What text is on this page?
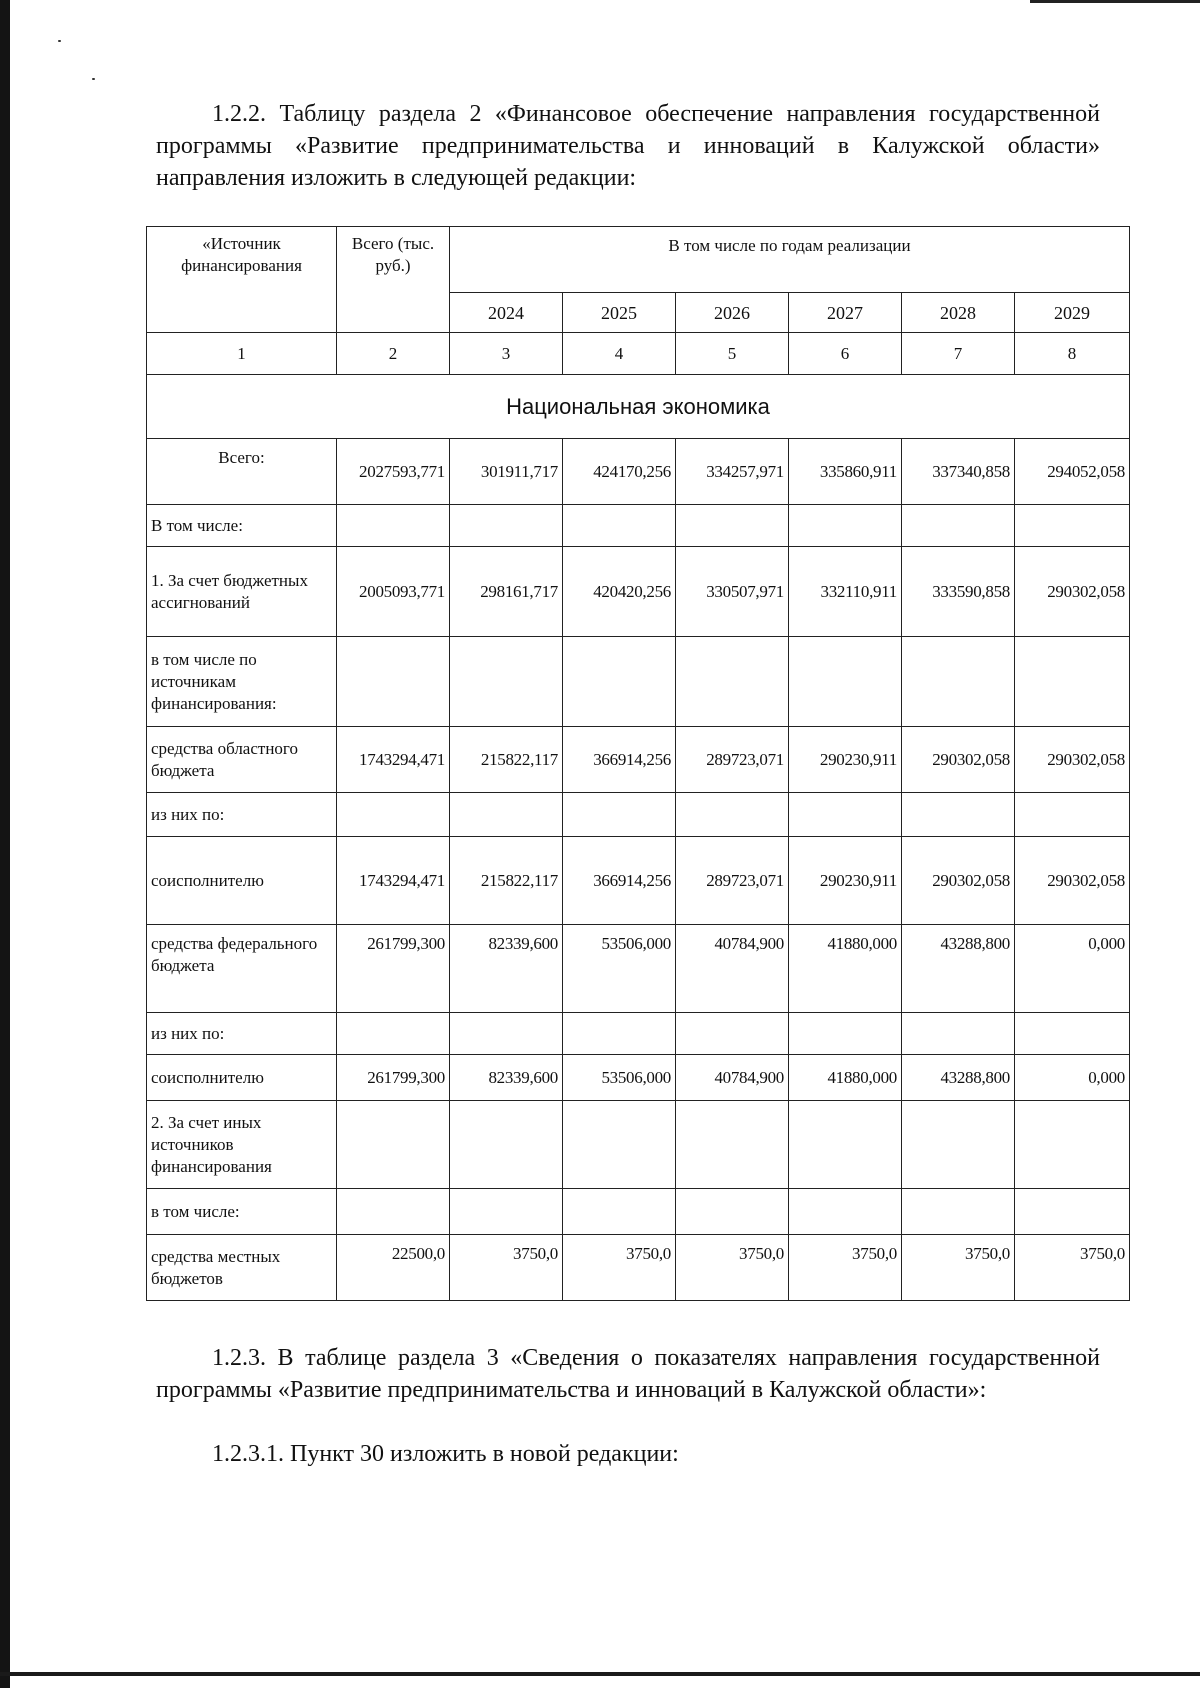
1.2.2. Таблицу раздела 2 «Финансовое обеспечение направления государственной программы «Развитие предпринимательства и инноваций в Калужской области» направления изложить в следующей редакции:
«Источник финансирования	Всего (тыс. руб.)	В том числе по годам реализации					
		2024	2025	2026	2027	2028	2029
1	2	3	4	5	6	7	8
Национальная экономика							
Всего:	2027593,771	301911,717	424170,256	334257,971	335860,911	337340,858	294052,058
В том числе:							
1. За счет бюджетных ассигнований	2005093,771	298161,717	420420,256	330507,971	332110,911	333590,858	290302,058
в том числе по источникам финансирования:							
средства областного бюджета	1743294,471	215822,117	366914,256	289723,071	290230,911	290302,058	290302,058
из них по:							
соисполнителю	1743294,471	215822,117	366914,256	289723,071	290230,911	290302,058	290302,058
средства федерального бюджета	261799,300	82339,600	53506,000	40784,900	41880,000	43288,800	0,000
из них по:							
соисполнителю	261799,300	82339,600	53506,000	40784,900	41880,000	43288,800	0,000
2. За счет иных источников финансирования							
в том числе:							
средства местных бюджетов	22500,0	3750,0	3750,0	3750,0	3750,0	3750,0	3750,0
1.2.3. В таблице раздела 3 «Сведения о показателях направления государственной программы «Развитие предпринимательства и инноваций в Калужской области»:
1.2.3.1. Пункт 30 изложить в новой редакции:
